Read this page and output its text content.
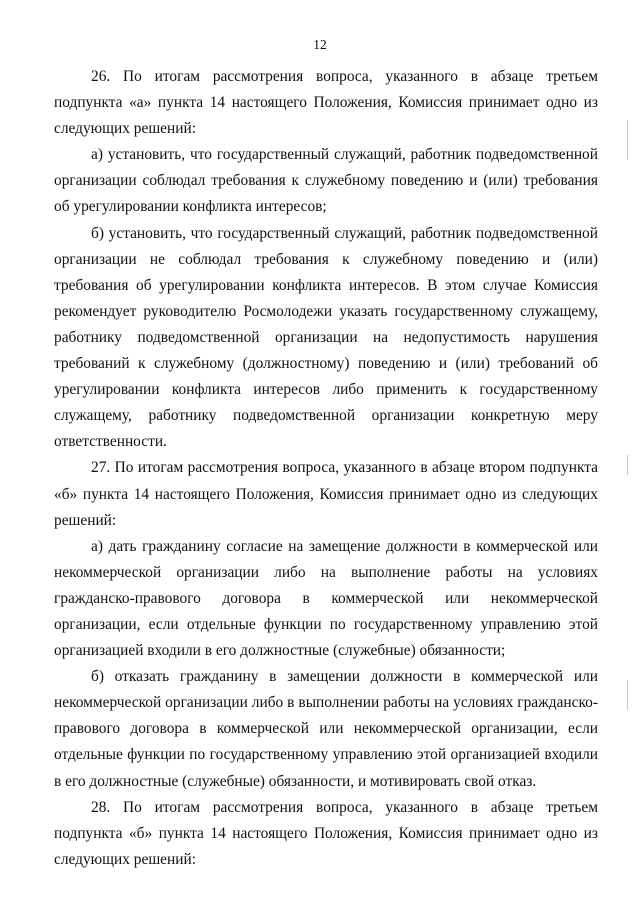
12

26. По итогам рассмотрения вопроса, указанного в абзаце третьем подпункта «а» пункта 14 настоящего Положения, Комиссия принимает одно из следующих решений:

а) установить, что государственный служащий, работник подведомственной организации соблюдал требования к служебному поведению и (или) требования об урегулировании конфликта интересов;

б) установить, что государственный служащий, работник подведомственной организации не соблюдал требования к служебному поведению и (или) требования об урегулировании конфликта интересов. В этом случае Комиссия рекомендует руководителю Росмолодежи указать государственному служащему, работнику подведомственной организации на недопустимость нарушения требований к служебному (должностному) поведению и (или) требований об урегулировании конфликта интересов либо применить к государственному служащему, работнику подведомственной организации конкретную меру ответственности.

27. По итогам рассмотрения вопроса, указанного в абзаце втором подпункта «б» пункта 14 настоящего Положения, Комиссия принимает одно из следующих решений:

а) дать гражданину согласие на замещение должности в коммерческой или некоммерческой организации либо на выполнение работы на условиях гражданско-правового договора в коммерческой или некоммерческой организации, если отдельные функции по государственному управлению этой организацией входили в его должностные (служебные) обязанности;

б) отказать гражданину в замещении должности в коммерческой или некоммерческой организации либо в выполнении работы на условиях гражданско-правового договора в коммерческой или некоммерческой организации, если отдельные функции по государственному управлению этой организацией входили в его должностные (служебные) обязанности, и мотивировать свой отказ.

28. По итогам рассмотрения вопроса, указанного в абзаце третьем подпункта «б» пункта 14 настоящего Положения, Комиссия принимает одно из следующих решений:
